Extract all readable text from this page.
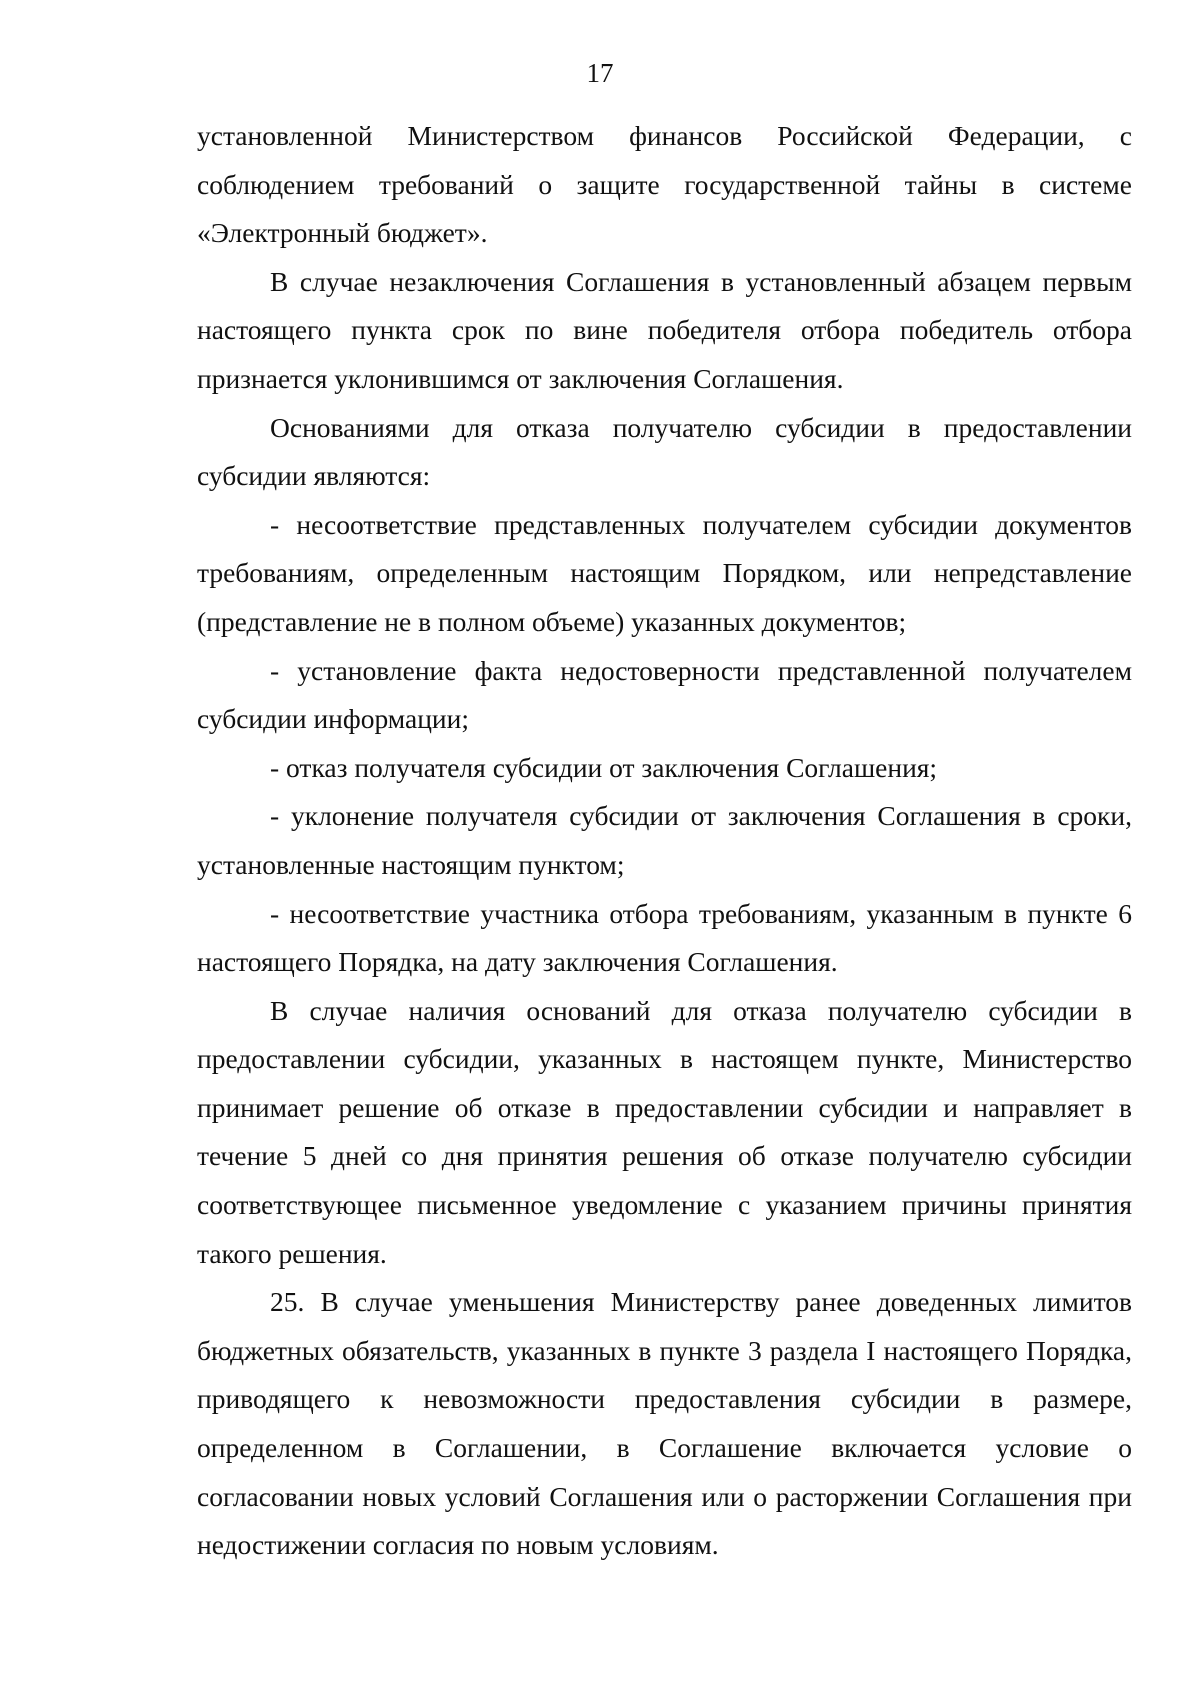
17

установленной Министерством финансов Российской Федерации, с соблюдением требований о защите государственной тайны в системе «Электронный бюджет».

В случае незаключения Соглашения в установленный абзацем первым настоящего пункта срок по вине победителя отбора победитель отбора признается уклонившимся от заключения Соглашения.

Основаниями для отказа получателю субсидии в предоставлении субсидии являются:

- несоответствие представленных получателем субсидии документов требованиям, определенным настоящим Порядком, или непредставление (представление не в полном объеме) указанных документов;

- установление факта недостоверности представленной получателем субсидии информации;

- отказ получателя субсидии от заключения Соглашения;

- уклонение получателя субсидии от заключения Соглашения в сроки, установленные настоящим пунктом;

- несоответствие участника отбора требованиям, указанным в пункте 6 настоящего Порядка, на дату заключения Соглашения.

В случае наличия оснований для отказа получателю субсидии в предоставлении субсидии, указанных в настоящем пункте, Министерство принимает решение об отказе в предоставлении субсидии и направляет в течение 5 дней со дня принятия решения об отказе получателю субсидии соответствующее письменное уведомление с указанием причины принятия такого решения.

25. В случае уменьшения Министерству ранее доведенных лимитов бюджетных обязательств, указанных в пункте 3 раздела I настоящего Порядка, приводящего к невозможности предоставления субсидии в размере, определенном в Соглашении, в Соглашение включается условие о согласовании новых условий Соглашения или о расторжении Соглашения при недостижении согласия по новым условиям.
